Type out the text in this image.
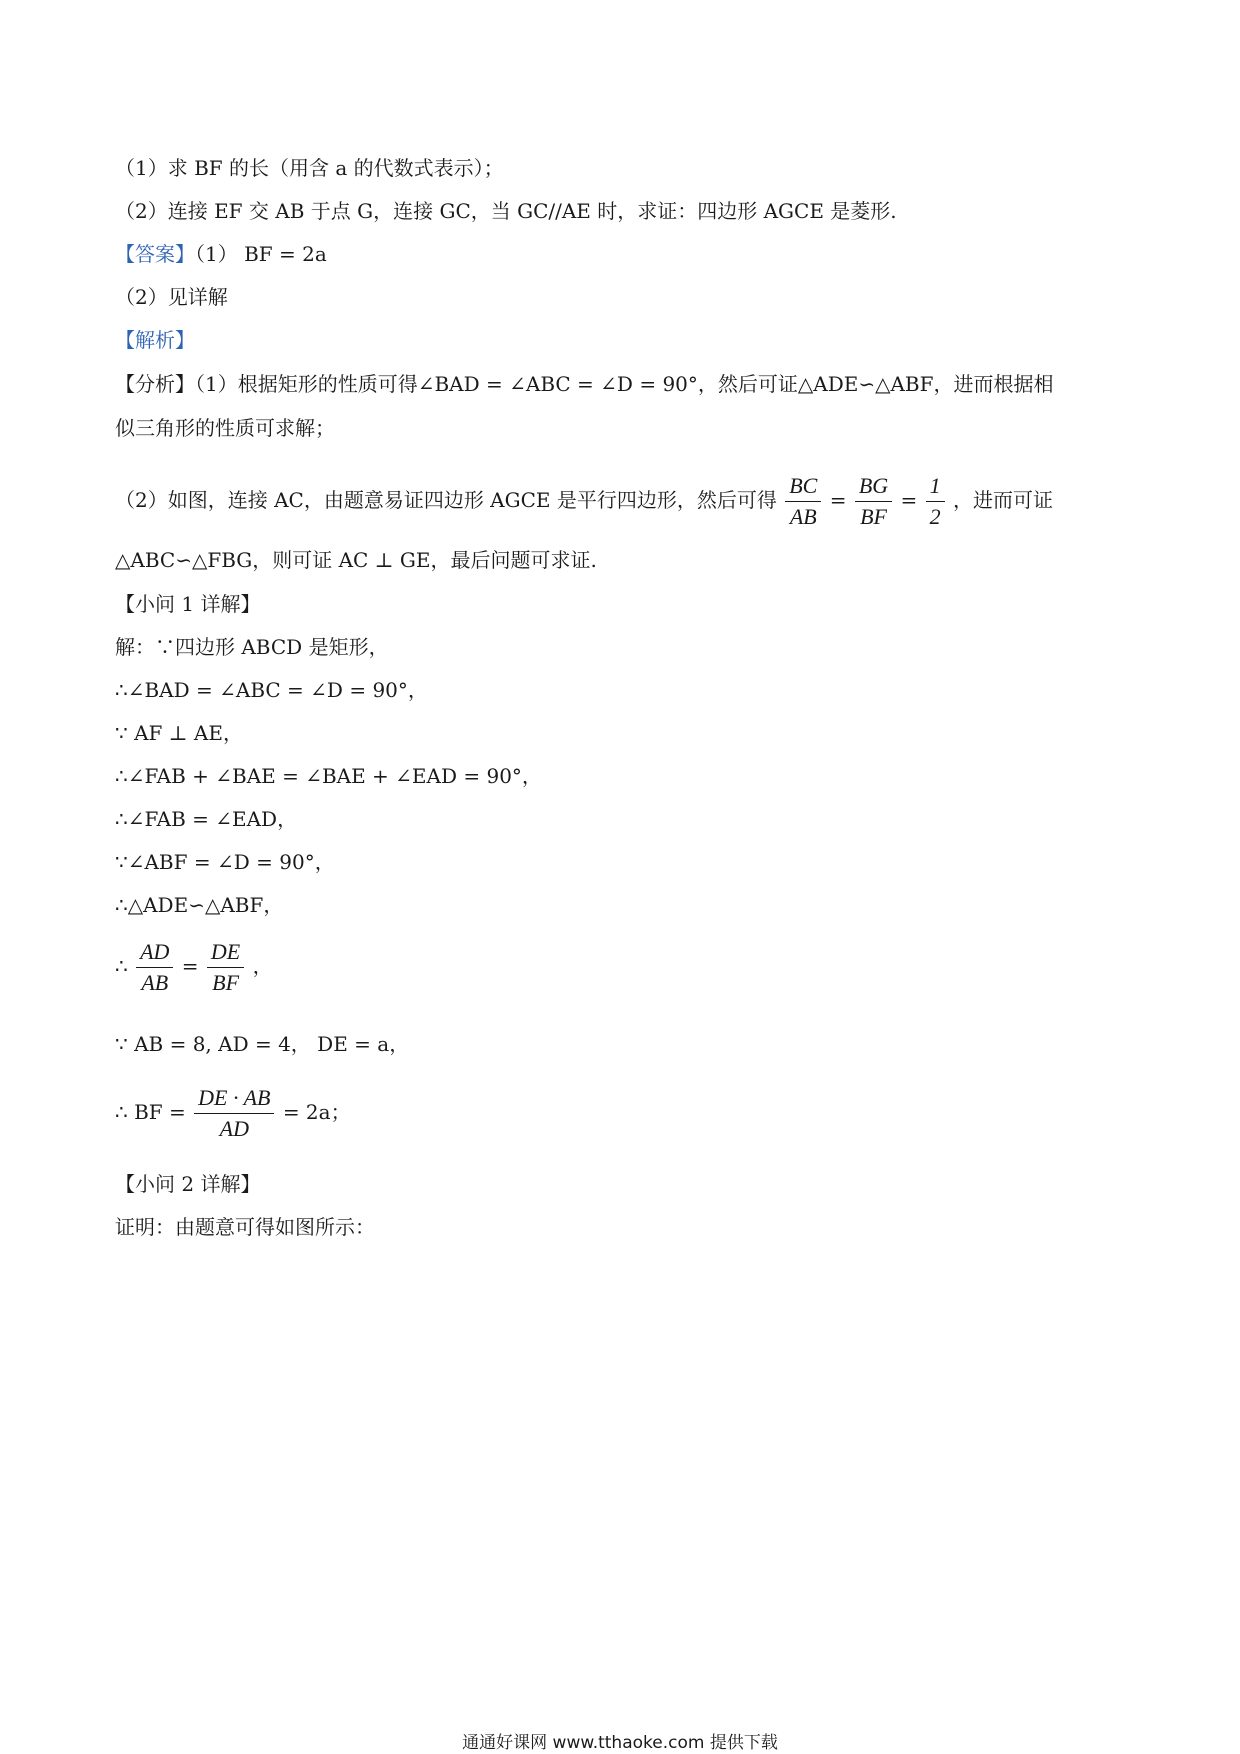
（1）求 BF 的长（用含 a 的代数式表示）；
（2）连接 EF 交 AB 于点 G，连接 GC，当 GC//AE 时，求证：四边形 AGCE 是菱形.
【答案】（1） BF = 2a
（2）见详解
【解析】
【分析】（1）根据矩形的性质可得∠BAD = ∠ABC = ∠D = 90°，然后可证△ADE∽△ABF，进而根据相
似三角形的性质可求解；
（2）如图，连接 AC，由题意易证四边形 AGCE 是平行四边形，然后可得 $\frac{BC}{AB} = \frac{BG}{BF} = \frac{1}{2}$ ，进而可证
△ABC∽△FBG，则可证 AC ⊥ GE，最后问题可求证.
【小问 1 详解】
解：∵四边形 ABCD 是矩形，
∴∠BAD = ∠ABC = ∠D = 90°，
∵ AF ⊥ AE，
∴∠FAB + ∠BAE = ∠BAE + ∠EAD = 90°，
∴∠FAB = ∠EAD，
∵∠ABF = ∠D = 90°，
∴△ADE∽△ABF，
∴ $\frac{AD}{AB} = \frac{DE}{BF}$ ，
∵ AB = 8, AD = 4， DE = a，
∴ BF = $\frac{DE \cdot AB}{AD} = 2a$；
【小问 2 详解】
证明：由题意可得如图所示：
通通好课网 www.tthaoke.com 提供下载
